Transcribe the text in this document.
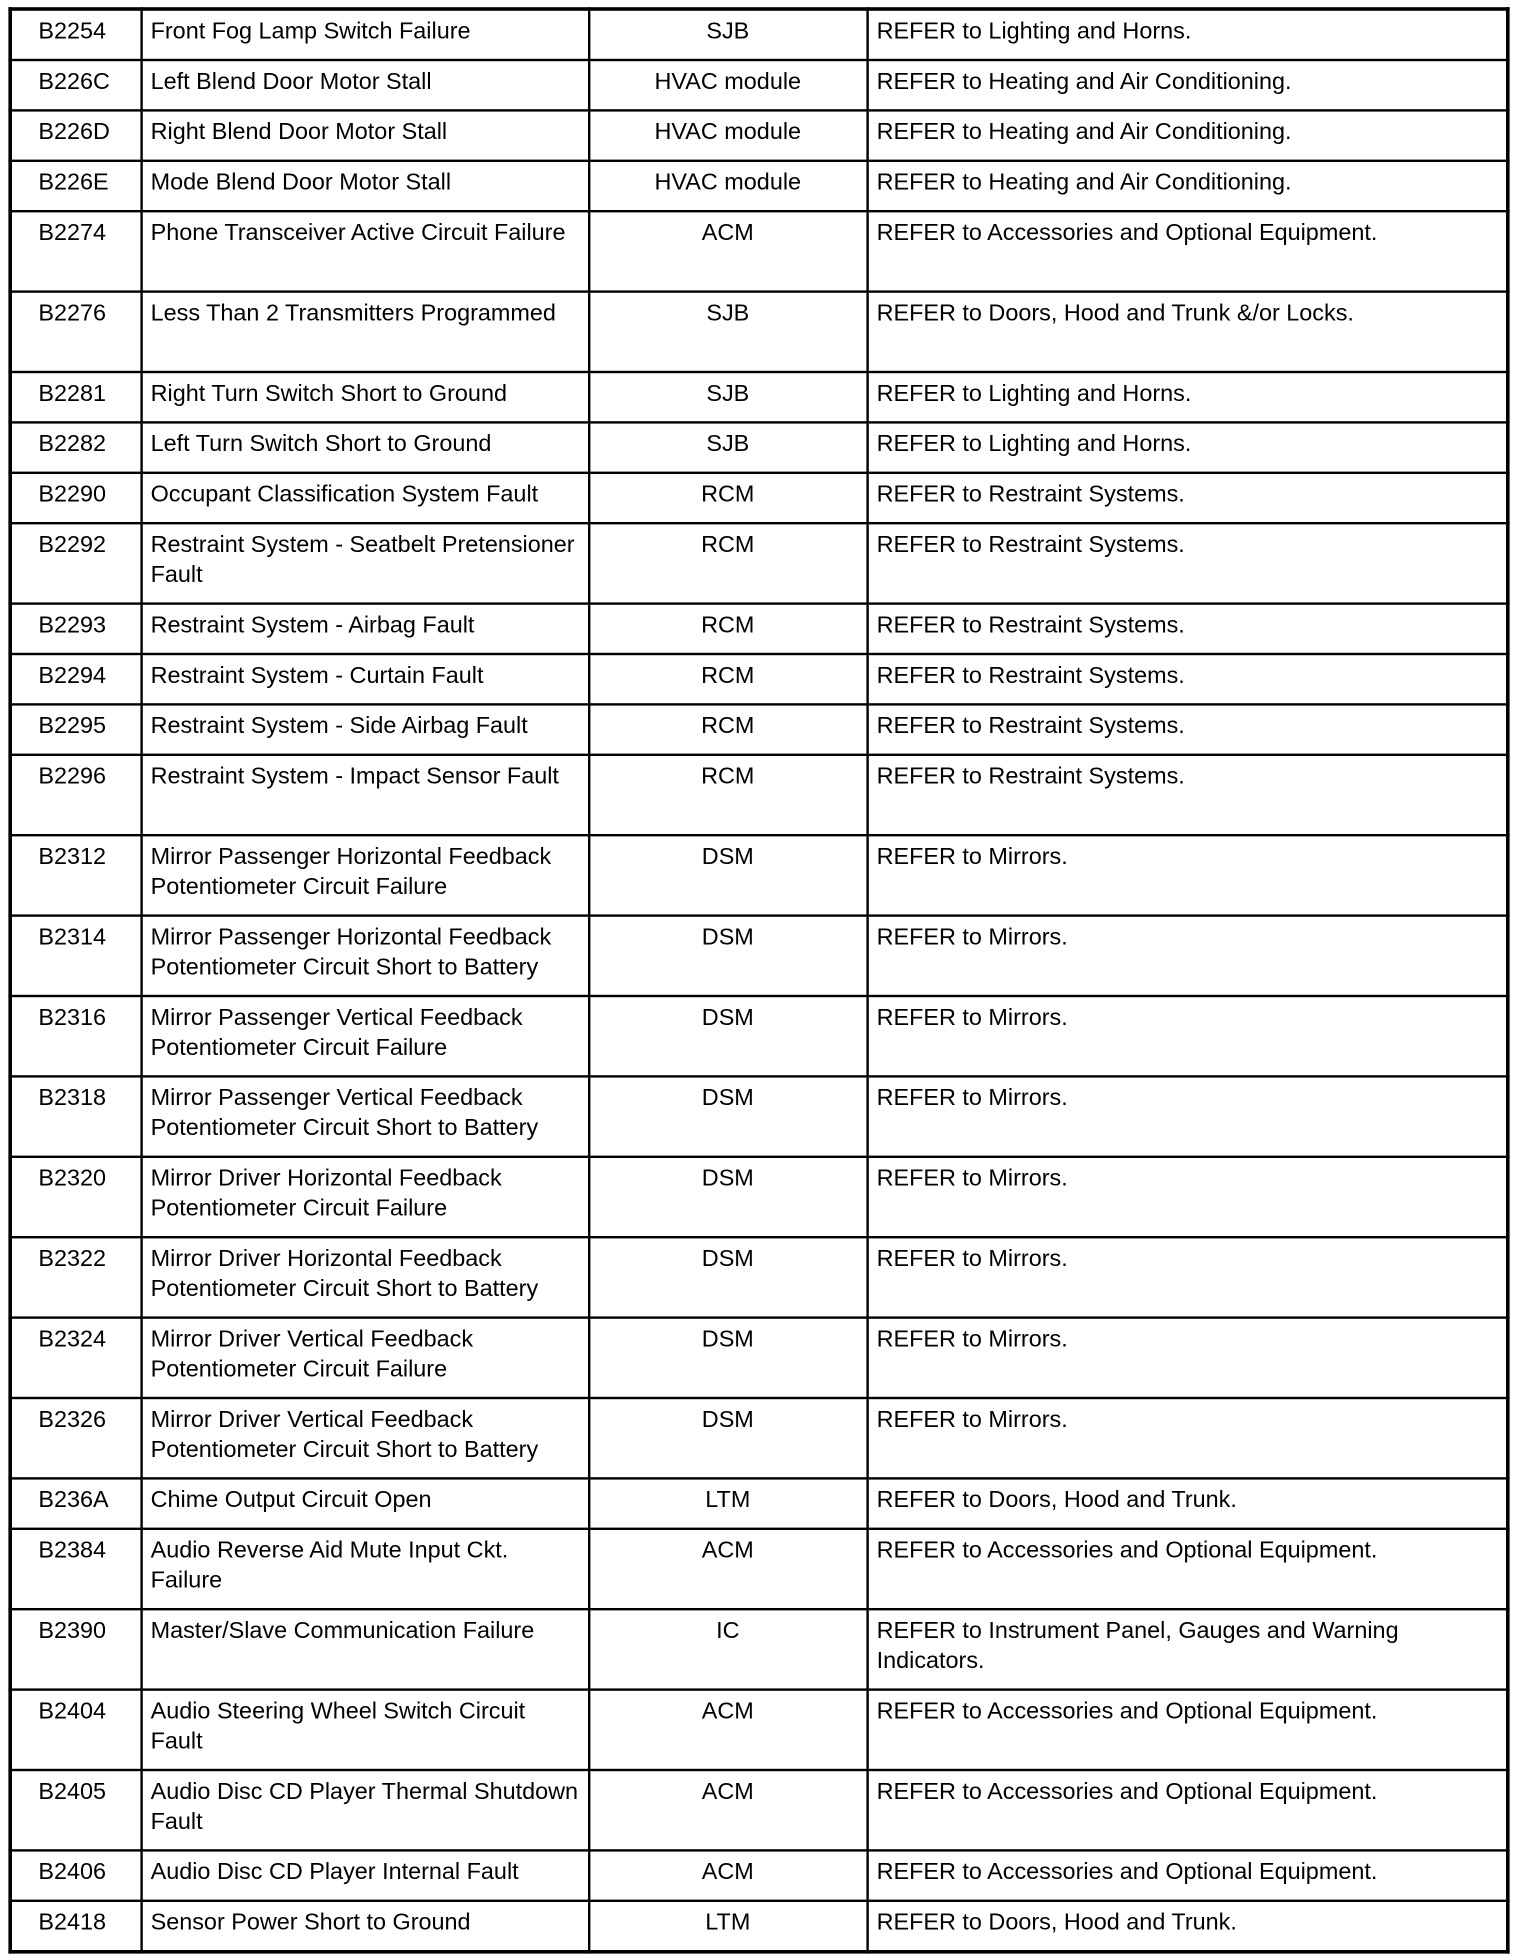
B2254	Front Fog Lamp Switch Failure	SJB	REFER to Lighting and Horns.
B226C	Left Blend Door Motor Stall	HVAC module	REFER to Heating and Air Conditioning.
B226D	Right Blend Door Motor Stall	HVAC module	REFER to Heating and Air Conditioning.
B226E	Mode Blend Door Motor Stall	HVAC module	REFER to Heating and Air Conditioning.
B2274	Phone Transceiver Active Circuit Failure	ACM	REFER to Accessories and Optional Equipment.
B2276	Less Than 2 Transmitters Programmed	SJB	REFER to Doors, Hood and Trunk &/or Locks.
B2281	Right Turn Switch Short to Ground	SJB	REFER to Lighting and Horns.
B2282	Left Turn Switch Short to Ground	SJB	REFER to Lighting and Horns.
B2290	Occupant Classification System Fault	RCM	REFER to Restraint Systems.
B2292	Restraint System - Seatbelt Pretensioner Fault	RCM	REFER to Restraint Systems.
B2293	Restraint System - Airbag Fault	RCM	REFER to Restraint Systems.
B2294	Restraint System - Curtain Fault	RCM	REFER to Restraint Systems.
B2295	Restraint System - Side Airbag Fault	RCM	REFER to Restraint Systems.
B2296	Restraint System - Impact Sensor Fault	RCM	REFER to Restraint Systems.
B2312	Mirror Passenger Horizontal Feedback Potentiometer Circuit Failure	DSM	REFER to Mirrors.
B2314	Mirror Passenger Horizontal Feedback Potentiometer Circuit Short to Battery	DSM	REFER to Mirrors.
B2316	Mirror Passenger Vertical Feedback Potentiometer Circuit Failure	DSM	REFER to Mirrors.
B2318	Mirror Passenger Vertical Feedback Potentiometer Circuit Short to Battery	DSM	REFER to Mirrors.
B2320	Mirror Driver Horizontal Feedback Potentiometer Circuit Failure	DSM	REFER to Mirrors.
B2322	Mirror Driver Horizontal Feedback Potentiometer Circuit Short to Battery	DSM	REFER to Mirrors.
B2324	Mirror Driver Vertical Feedback Potentiometer Circuit Failure	DSM	REFER to Mirrors.
B2326	Mirror Driver Vertical Feedback Potentiometer Circuit Short to Battery	DSM	REFER to Mirrors.
B236A	Chime Output Circuit Open	LTM	REFER to Doors, Hood and Trunk.
B2384	Audio Reverse Aid Mute Input Ckt. Failure	ACM	REFER to Accessories and Optional Equipment.
B2390	Master/Slave Communication Failure	IC	REFER to Instrument Panel, Gauges and Warning Indicators.
B2404	Audio Steering Wheel Switch Circuit Fault	ACM	REFER to Accessories and Optional Equipment.
B2405	Audio Disc CD Player Thermal Shutdown Fault	ACM	REFER to Accessories and Optional Equipment.
B2406	Audio Disc CD Player Internal Fault	ACM	REFER to Accessories and Optional Equipment.
B2418	Sensor Power Short to Ground	LTM	REFER to Doors, Hood and Trunk.
